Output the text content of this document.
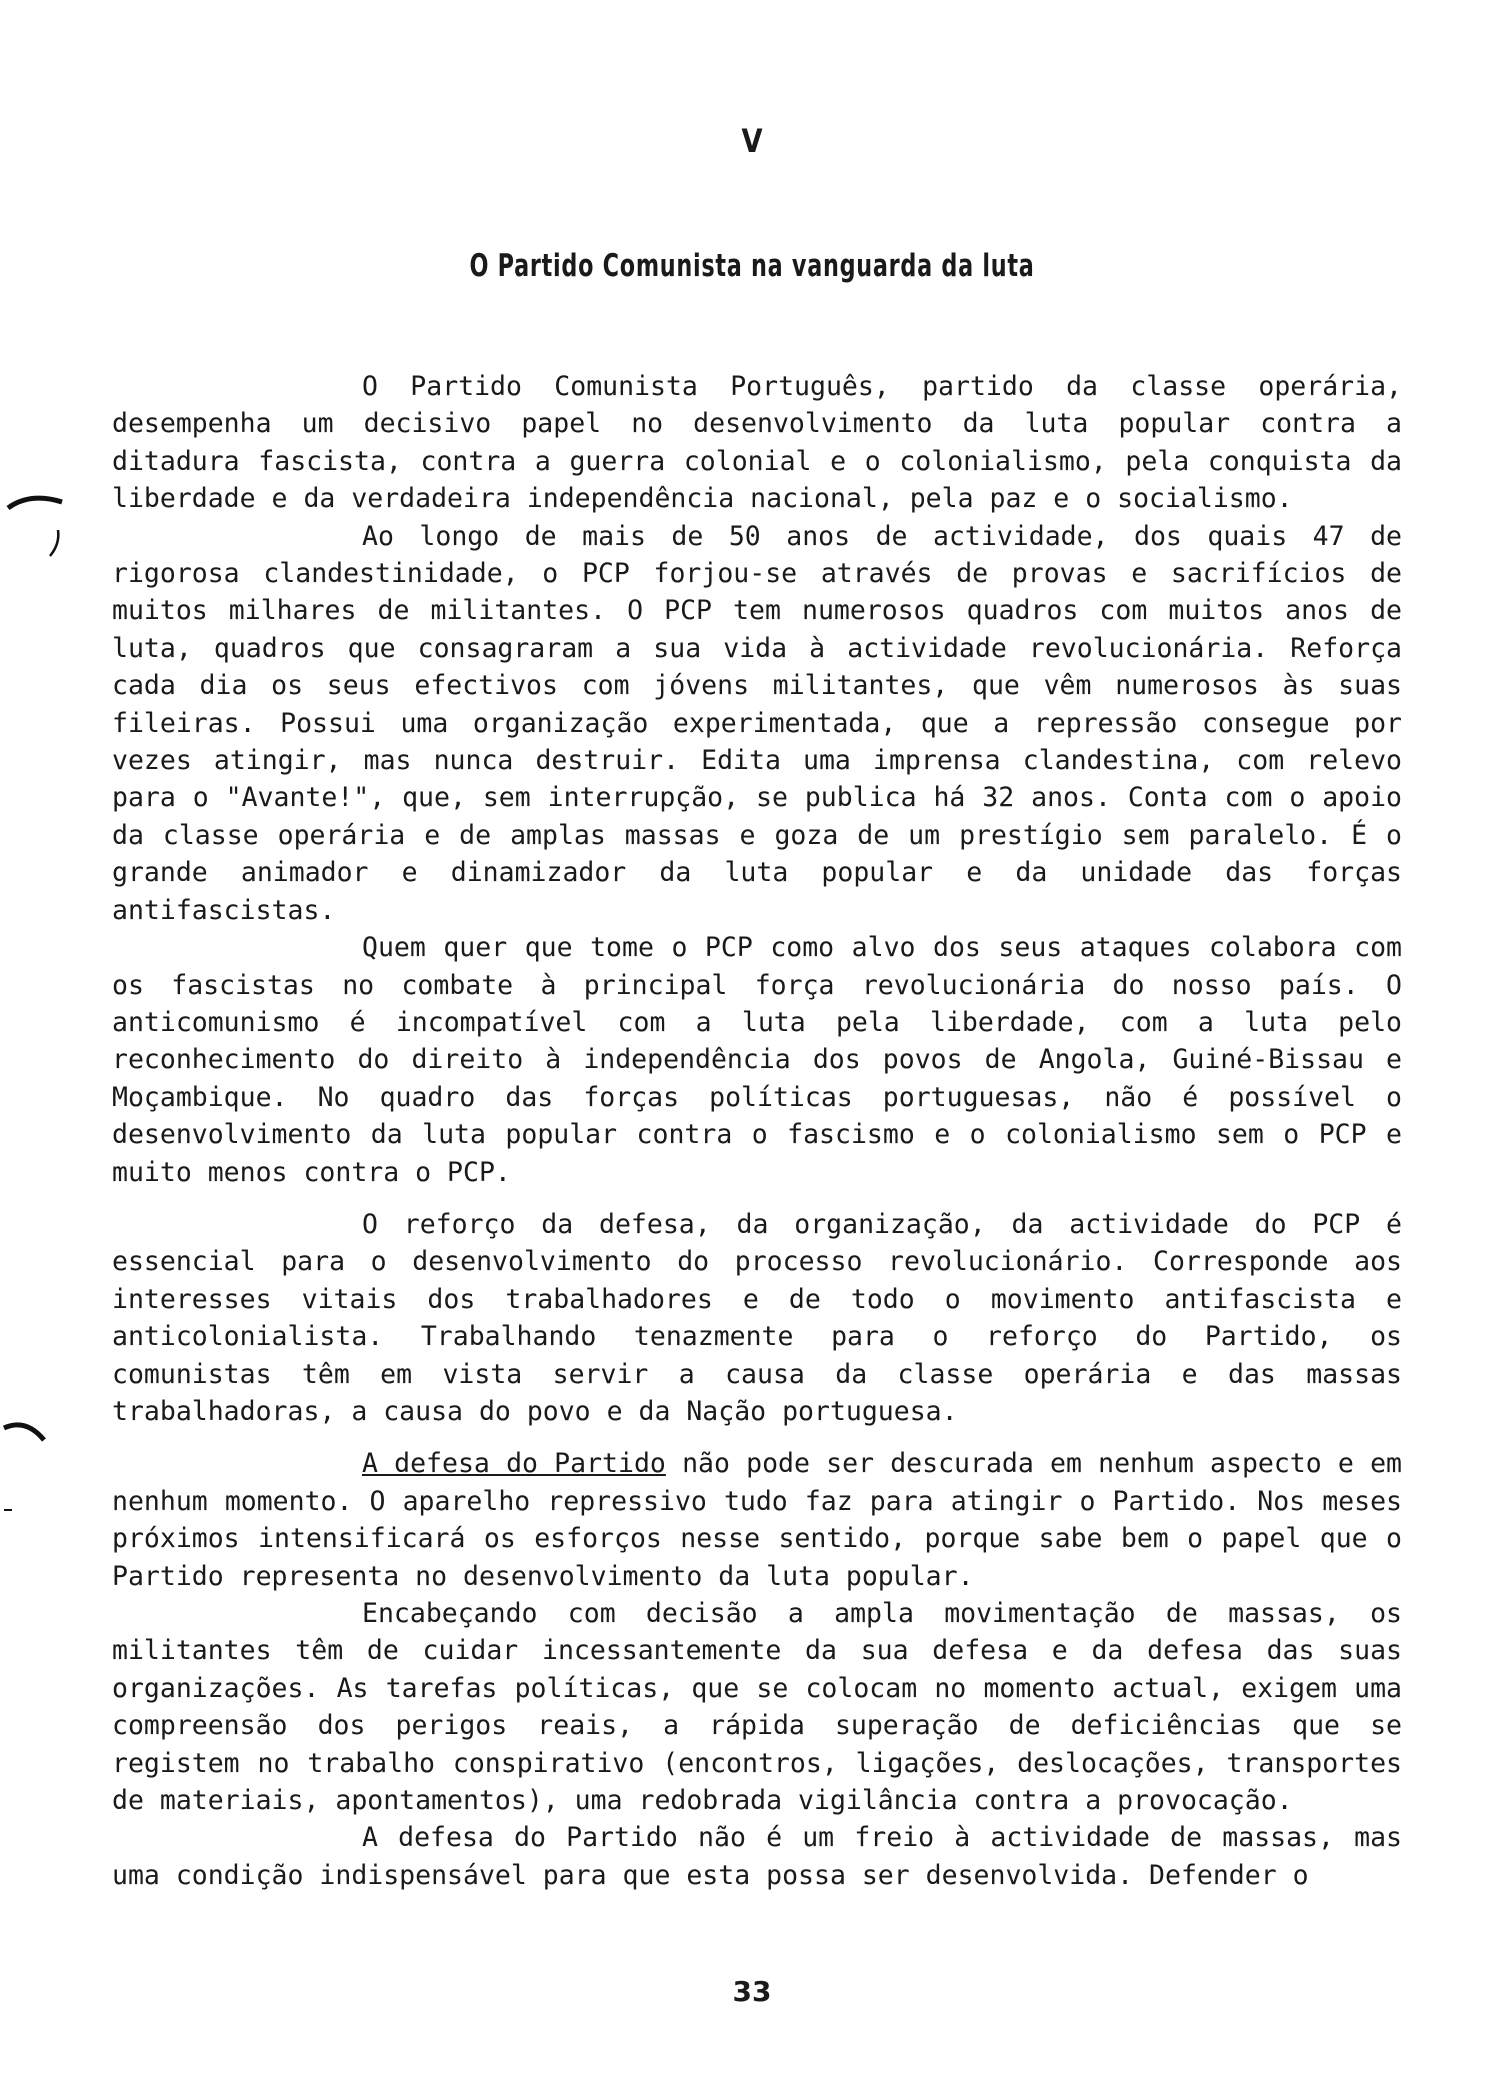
V
O Partido Comunista na vanguarda da luta

O Partido Comunista Português, partido da classe operária, desempenha um decisivo papel no desenvolvimento da luta popular contra a ditadura fascista, contra a guerra colonial e o colonialismo, pela conquista da liberdade e da verdadeira independência nacional, pela paz e o socialismo.

Ao longo de mais de 50 anos de actividade, dos quais 47 de rigorosa clandestinidade, o PCP forjou-se através de provas e sacrifícios de muitos milhares de militantes. O PCP tem numerosos quadros com muitos anos de luta, quadros que consagraram a sua vida à actividade revolucionária. Reforça cada dia os seus efectivos com jóvens militantes, que vêm numerosos às suas fileiras. Possui uma organização experimentada, que a repressão consegue por vezes atingir, mas nunca destruir. Edita uma imprensa clandestina, com relevo para o "Avante!", que, sem interrupção, se publica há 32 anos. Conta com o apoio da classe operária e de amplas massas e goza de um prestígio sem paralelo. É o grande animador e dinamizador da luta popular e da unidade das forças antifascistas.

Quem quer que tome o PCP como alvo dos seus ataques colabora com os fascistas no combate à principal força revolucionária do nosso país. O anticomunismo é incompatível com a luta pela liberdade, com a luta pelo reconhecimento do direito à independência dos povos de Angola, Guiné-Bissau e Moçambique. No quadro das forças políticas portuguesas, não é possível o desenvolvimento da luta popular contra o fascismo e o colonialismo sem o PCP e muito menos contra o PCP.

O reforço da defesa, da organização, da actividade do PCP é essencial para o desenvolvimento do processo revolucionário. Corresponde aos interesses vitais dos trabalhadores e de todo o movimento antifascista e anticolonialista. Trabalhando tenazmente para o reforço do Partido, os comunistas têm em vista servir a causa da classe operária e das massas trabalhadoras, a causa do povo e da Nação portuguesa.

A defesa do Partido não pode ser descurada em nenhum aspecto e em nenhum momento. O aparelho repressivo tudo faz para atingir o Partido. Nos meses próximos intensificará os esforços nesse sentido, porque sabe bem o papel que o Partido representa no desenvolvimento da luta popular.

Encabeçando com decisão a ampla movimentação de massas, os militantes têm de cuidar incessantemente da sua defesa e da defesa das suas organizações. As tarefas políticas, que se colocam no momento actual, exigem uma compreensão dos perigos reais, a rápida superação de deficiências que se registem no trabalho conspirativo (encontros, ligações, deslocações, transportes de materiais, apontamentos), uma redobrada vigilância contra a provocação.

A defesa do Partido não é um freio à actividade de massas, mas uma condição indispensável para que esta possa ser desenvolvida. Defender o

33
